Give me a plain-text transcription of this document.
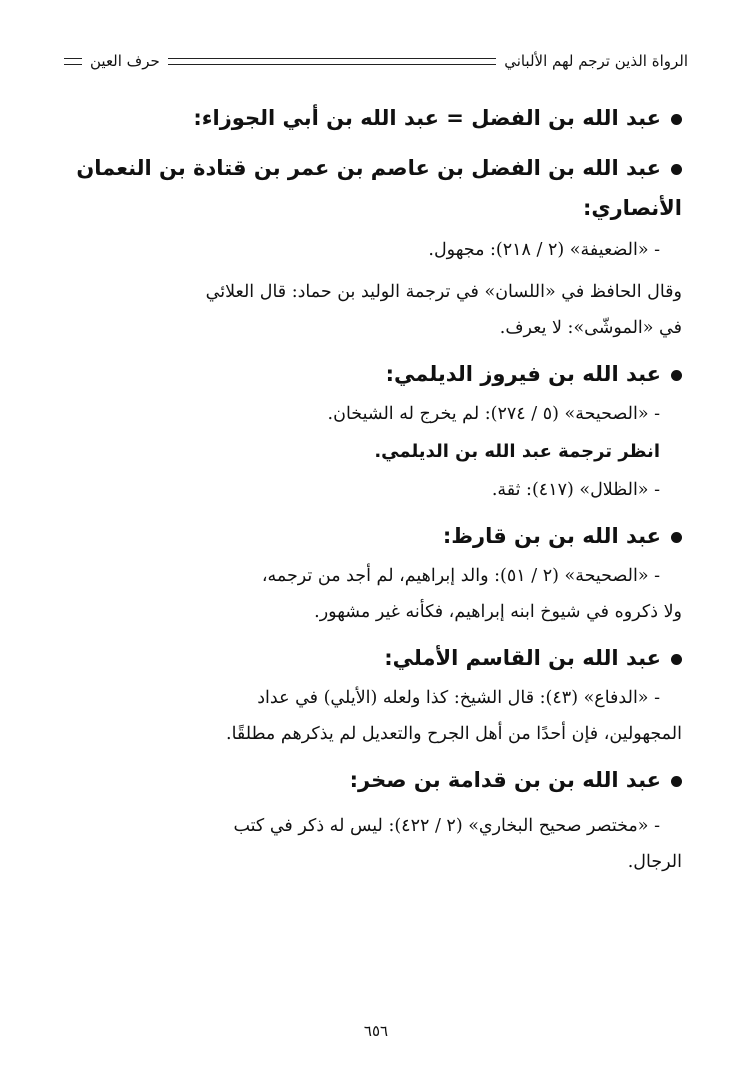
الرواة الذين ترجم لهم الألباني
حرف العين

عبد الله بن الفضل = عبد الله بن أبي الجوزاء:

عبد الله بن الفضل بن عاصم بن عمر بن قتادة بن النعمان

الأنصاري:

- «الضعيفة» (٢ / ٢١٨): مجهول.

وقال الحافظ في «اللسان» في ترجمة الوليد بن حماد: قال العلائي

في «الموشّى»: لا يعرف.

عبد الله بن فيروز الديلمي:

- «الصحيحة» (٥ / ٢٧٤): لم يخرج له الشيخان.

انظر ترجمة عبد الله بن الديلمي.

- «الظلال» (٤١٧): ثقة.

عبد الله بن بن قارظ:

- «الصحيحة» (٢ / ٥١): والد إبراهيم، لم أجد من ترجمه،

ولا ذكروه في شيوخ ابنه إبراهيم، فكأنه غير مشهور.

عبد الله بن القاسم الأملي:

- «الدفاع» (٤٣): قال الشيخ: كذا ولعله (الأيلي) في عداد

المجهولين، فإن أحدًا من أهل الجرح والتعديل لم يذكرهم مطلقًا.

عبد الله بن بن قدامة بن صخر:

- «مختصر صحيح البخاري» (٢ / ٤٢٢): ليس له ذكر في كتب

الرجال.

٦٥٦
